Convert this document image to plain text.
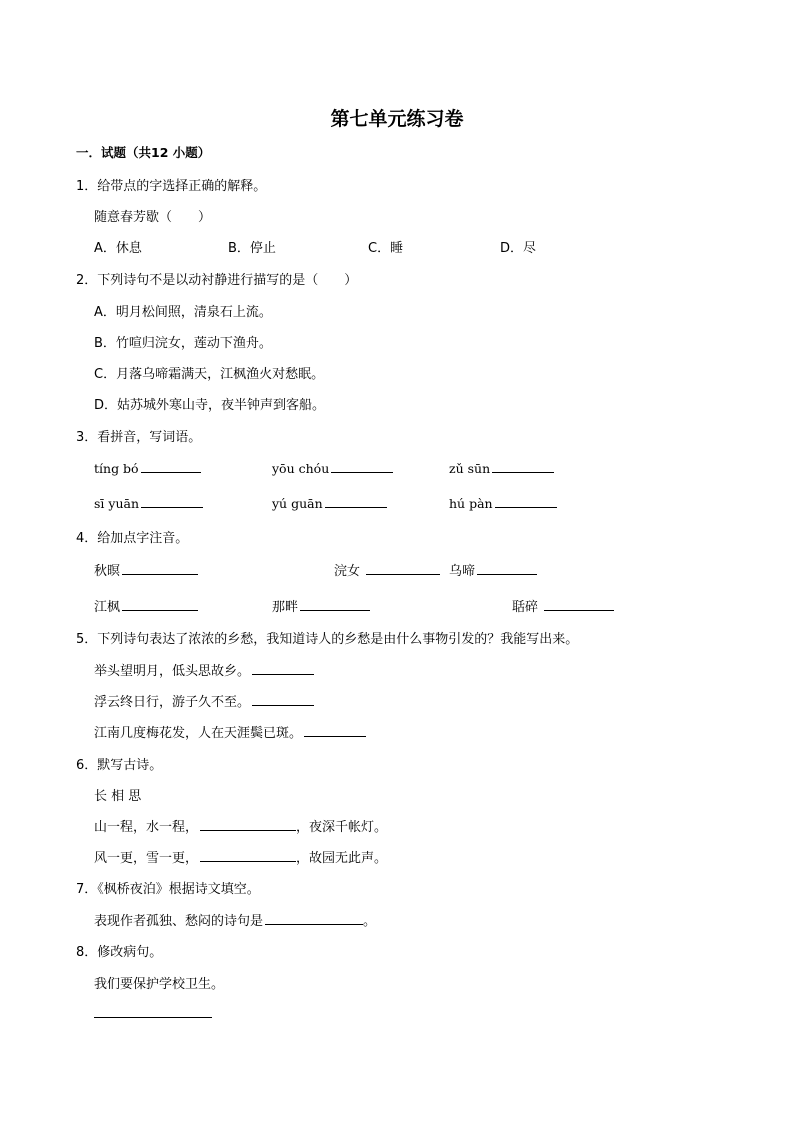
第七单元练习卷
一．试题（共12 小题）
1．给带点的字选择正确的解释。
随意春芳歇（　　）
A．休息	B．停止	C．睡	D．尽
2．下列诗句不是以动衬静进行描写的是（　　）
A．明月松间照，清泉石上流。
B．竹喧归浣女，莲动下渔舟。
C．月落乌啼霜满天，江枫渔火对愁眠。
D．姑苏城外寒山寺，夜半钟声到客船。
3．看拼音，写词语。
tíng bó	yōu chóu	zǔ sūn
sī yuān	yú guān	hú pàn
4．给加点字注音。
秋暝	浣女	乌啼
江枫	那畔	聒碎
5．下列诗句表达了浓浓的乡愁，我知道诗人的乡愁是由什么事物引发的？我能写出来。
举头望明月，低头思故乡。
浮云终日行，游子久不至。
江南几度梅花发，人在天涯鬓已斑。
6．默写古诗。
长 相 思
山一程，水一程，	，夜深千帐灯。
风一更，雪一更，	，故园无此声。
7．《枫桥夜泊》根据诗文填空。
表现作者孤独、愁闷的诗句是	。
8．修改病句。
我们要保护学校卫生。
